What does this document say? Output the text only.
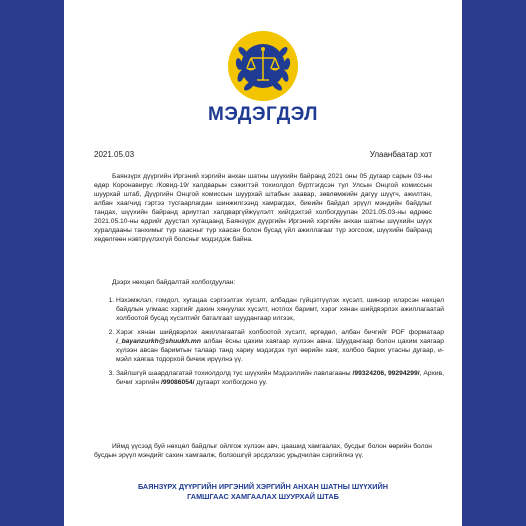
МЭДЭГДЭЛ
2021.05.03	Улаанбаатар хот
Баянзүрх дүүргийн Иргэний хэргийн анхан шатны шүүхийн байранд 2021 оны 05 дугаар сарын 03-ны өдөр Коронавирус /Ковид-19/ халдварын сэжигтэй тохиолдол бүртгэгдсэн тул Улсын Онцгой комиссын шуурхай штаб, Дүүргийн Онцгой комиссын шуурхай штабын заавар, зөвлөмжийн дагуу шүүгч, ажилтан, албан хаагчид гэртээ тусгаарлагдан шинжилгээнд хамрагдах, биеийн байдал эрүүл мэндийн байдлыг тандах, шүүхийн байранд ариутгал халдваргүйжүүлэлт хийгдэхтэй холбогдуулан 2021.05.03-ны өдрөөс 2021.05.10-ны өдрийг дуустал хугацаанд Баянзүрх дүүргийн Иргэний хэргийн анхан шатны шүүхийн шүүх хуралдааны танхимыг түр хаасныг түр хаасан болон бусад үйл ажиллагааг түр зогсоож, шүүхийн байранд хөдөлгөөн нэвтрүүлэхгүй болсныг мэдэгдэж байна.
Дээрх нөхцөл байдалтай холбогдуулан:
1. Нэхэмжлэл, гомдол, хугацаа сэргээлгэх хүсэлт, албадан гүйцэтгүүлэх хүсэлт, шинээр илэрсэн нөхцөл байдлын улмаас хэргийг дахин хянуулах хүсэлт, нотлох баримт, хэрэг хянан шийдвэрлэх ажиллагаатай холбоотой бусад хүсэлтийг баталгаат шуудангаар илгээх,
2. Хэрэг хянан шийдвэрлэх ажиллагаатай холбоотой хүсэлт, өргөдөл, албан бичгийг PDF форматаар i_bayanzurkh@shuukh.mn албан ёсны цахим хаягаар хүлээн авна. Шуудангаар болон цахим хаягаар хүлээн авсан баримтын талаар танд хариу мэдэгдэх тул өөрийн хаяг, холбоо барих утасны дугаар, и-мэйл хаягаа тодорхой бичиж ирүүлнэ үү.
3. Зайлшгүй шаардлагатай тохиолдолд тус шүүхийн Мэдээллийн лавлагааны /99324206, 99294299/, Архив, бичиг хэргийн /99086054/ дугаарт холбогдоно уу.
Иймд үүсээд буй нөхцөл байдлыг ойлгож хүлээн авч, цаашид хамгаалах, бусдыг болон өөрийн болон бусдын эрүүл мэндийг сахин хамгаалж, болзошгүй эрсдэлээс урьдчилан сэргийлнэ үү.
БАЯНЗҮРХ ДҮҮРГИЙН ИРГЭНИЙ ХЭРГИЙН АНХАН ШАТНЫ ШҮҮХИЙН
ГАМШГААС ХАМГААЛАХ ШУУРХАЙ ШТАБ
